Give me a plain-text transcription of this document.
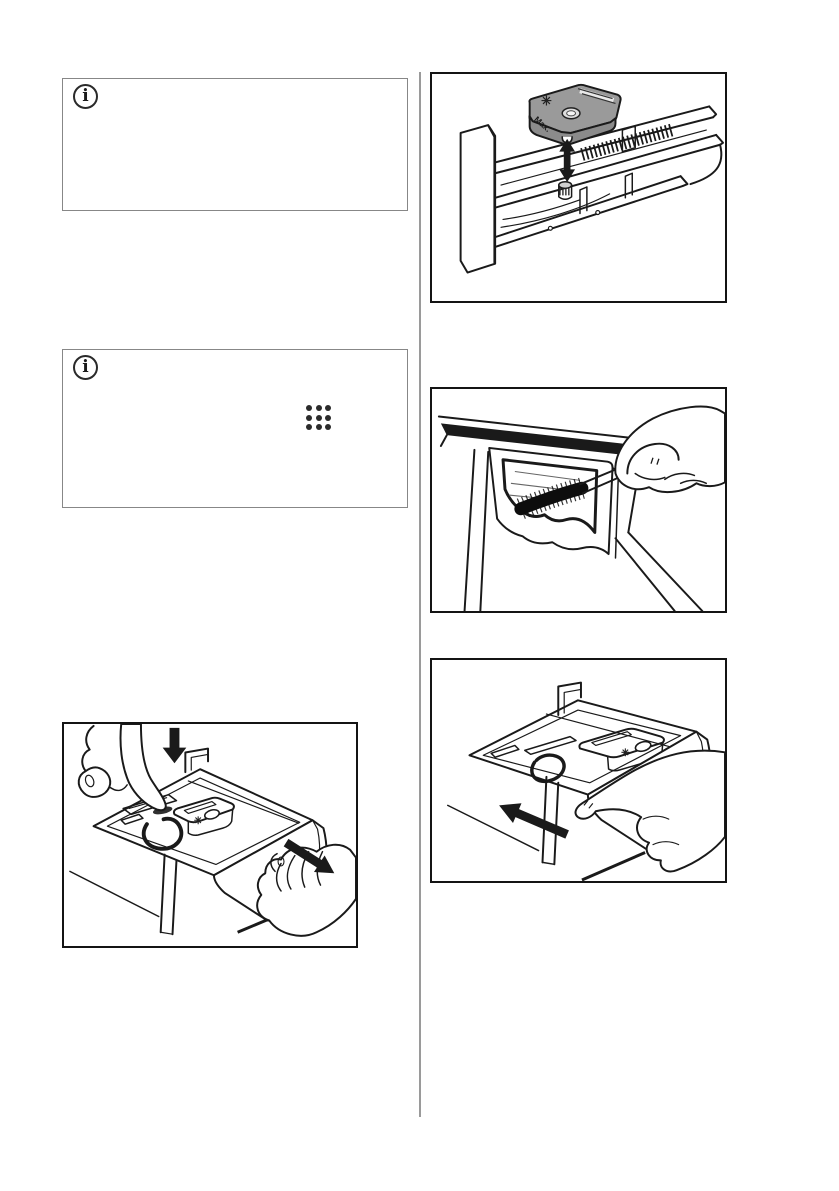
i
i
Max.
